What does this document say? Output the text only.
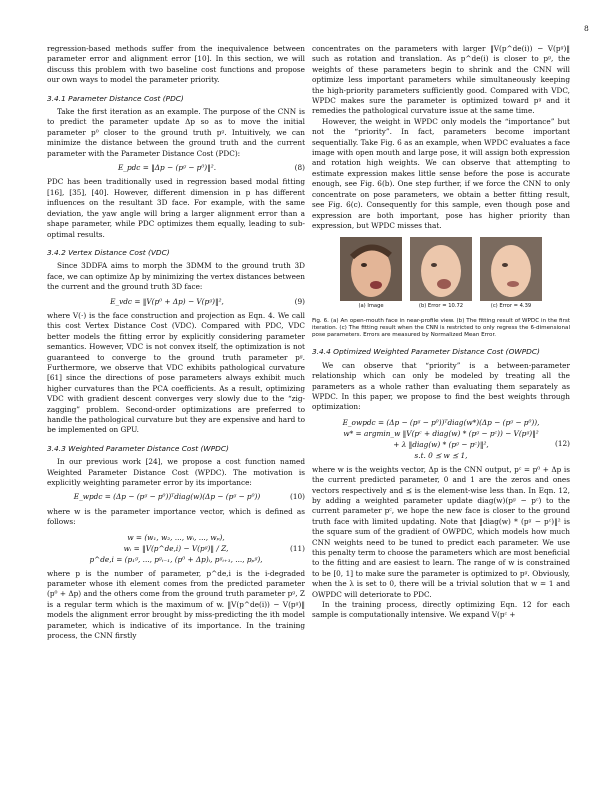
8

regression-based methods suffer from the inequivalence between parameter error and alignment error [10]. In this section, we will discuss this problem with two baseline cost functions and propose our own ways to model the parameter priority.

3.4.1 Parameter Distance Cost (PDC)

Take the first iteration as an example. The purpose of the CNN is to predict the parameter update Δp so as to move the initial parameter p⁰ closer to the ground truth pᵍ. Intuitively, we can minimize the distance between the ground truth and the current parameter with the Parameter Distance Cost (PDC):

E_pdc = ‖Δp − (pᵍ − p⁰)‖².	(8)

PDC has been traditionally used in regression based modal fitting [16], [35], [40]. However, different dimension in p has different influences on the resultant 3D face. For example, with the same deviation, the yaw angle will bring a larger alignment error than a shape parameter, while PDC optimizes them equally, leading to sub-optimal results.

3.4.2 Vertex Distance Cost (VDC)

Since 3DDFA aims to morph the 3DMM to the ground truth 3D face, we can optimize Δp by minimizing the vertex distances between the current and the ground truth 3D face:

E_vdc = ‖V(p⁰ + Δp) − V(pᵍ)‖²,	(9)

where V(·) is the face construction and projection as Eqn. 4. We call this cost Vertex Distance Cost (VDC). Compared with PDC, VDC better models the fitting error by explicitly considering parameter semantics. However, VDC is not convex itself, the optimization is not guaranteed to converge to the ground truth parameter pᵍ. Furthermore, we observe that VDC exhibits pathological curvature [61] since the directions of pose parameters always exhibit much higher curvatures than the PCA coefficients. As a result, optimizing VDC with gradient descent converges very slowly due to the “zig-zagging” problem. Second-order optimizations are preferred to handle the pathological curvature but they are expensive and hard to be implemented on GPU.

3.4.3 Weighted Parameter Distance Cost (WPDC)

In our previous work [24], we propose a cost function named Weighted Parameter Distance Cost (WPDC). The motivation is explicitly weighting parameter error by its importance:

E_wpdc = (Δp − (pᵍ − p⁰))ᵀdiag(w)(Δp − (pᵍ − p⁰))	(10)

where w is the parameter importance vector, which is defined as follows:

w = (w₁, w₂, ..., wᵢ, ..., wₚ),
wᵢ = ‖V(p^de,i) − V(pᵍ)‖ / Z,
p^de,i = (p₁ᵍ, ..., pᵍᵢ₋₁, (p⁰ + Δp)ᵢ, pᵍᵢ₊₁, ..., pₚᵍ),
(11)

where p is the number of parameter, p^de,i is the i-degraded parameter whose ith element comes from the predicted parameter (p⁰ + Δp) and the others come from the ground truth parameter pᵍ, Z is a regular term which is the maximum of w. ‖V(p^de(i)) − V(pᵍ)‖ models the alignment error brought by miss-predicting the ith model parameter, which is indicative of its importance. In the training process, the CNN firstly

concentrates on the parameters with larger ‖V(p^de(i)) − V(pᵍ)‖ such as rotation and translation. As p^de(i) is closer to pᵍ, the weights of these parameters begin to shrink and the CNN will optimize less important parameters while simultaneously keeping the high-priority parameters sufficiently good. Compared with VDC, WPDC makes sure the parameter is optimized toward pᵍ and it remedies the pathological curvature issue at the same time.

However, the weight in WPDC only models the “importance” but not the “priority”. In fact, parameters become important sequentially. Take Fig. 6 as an example, when WPDC evaluates a face image with open mouth and large pose, it will assign both expression and rotation high weights. We can observe that attempting to estimate expression makes little sense before the pose is accurate enough, see Fig. 6(b). One step further, if we force the CNN to only concentrate on pose parameters, we obtain a better fitting result, see Fig. 6(c). Consequently for this sample, even though pose and expression are both important, pose has higher priority than expression, but WPDC misses that.

(a) Image	(b) Error = 10.72	(c) Error = 4.39
Fig. 6. (a) An open-mouth face in near-profile view. (b) The fitting result of WPDC in the first iteration. (c) The fitting result when the CNN is restricted to only regress the 6-dimensional pose parameters. Errors are measured by Normalized Mean Error.
3.4.4 Optimized Weighted Parameter Distance Cost (OWPDC)

We can observe that “priority” is a between-parameter relationship which can only be modeled by treating all the parameters as a whole rather than evaluating them separately as WPDC. In this paper, we propose to find the best weights through optimization:

E_owpdc = (Δp − (pᵍ − p⁰))ᵀdiag(w*)(Δp − (pᵍ − p⁰)),
w* = argmin_w ‖V(pᶜ + diag(w) * (pᵍ − pᶜ)) − V(pᵍ)‖²
+ λ ‖diag(w) * (pᵍ − pᶜ)‖²,
s.t. 0 ⪯ w ⪯ 1,
(12)

where w is the weights vector, Δp is the CNN output, pᶜ = p⁰ + Δp is the current predicted parameter, 0 and 1 are the zeros and ones vectors respectively and ⪯ is the element-wise less than. In Eqn. 12, by adding a weighted parameter update diag(w)(pᵍ − pᶜ) to the current parameter pᶜ, we hope the new face is closer to the ground truth face with limited updating. Note that ‖diag(w) * (pᵍ − pᶜ)‖² is the square sum of the gradient of OWPDC, which models how much CNN weights need to be tuned to predict each parameter. We use this penalty term to choose the parameters which are most beneficial to the fitting and are easiest to learn. The range of w is constrained to be [0, 1] to make sure the parameter is optimized to pᵍ. Obviously, when the λ is set to 0, there will be a trivial solution that w = 1 and OWPDC will deteriorate to PDC.

In the training process, directly optimizing Eqn. 12 for each sample is computationally intensive. We expand V(pᶜ +
